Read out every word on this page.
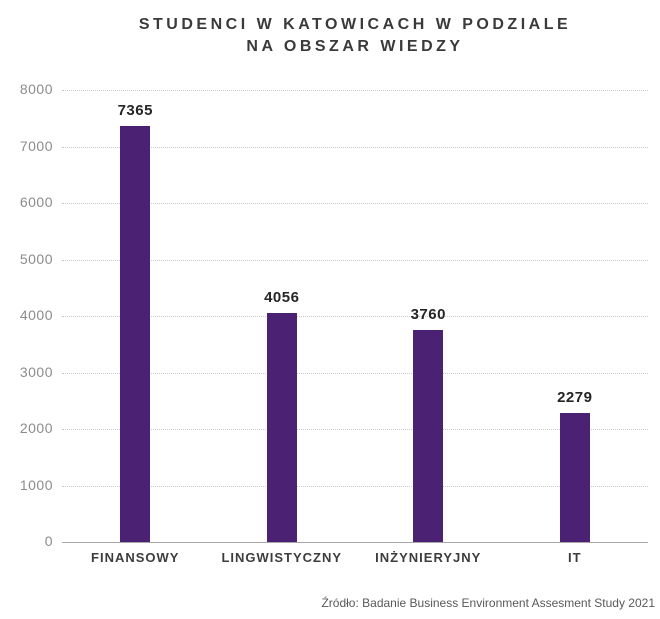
STUDENCI W KATOWICACH W PODZIALE
NA OBSZAR WIEDZY
0
1000
2000
3000
4000
5000
6000
7000
8000
7365
FINANSOWY
4056
LINGWISTYCZNY
3760
INŻYNIERYJNY
2279
IT
Źródło: Badanie Business Environment Assesment Study 2021
